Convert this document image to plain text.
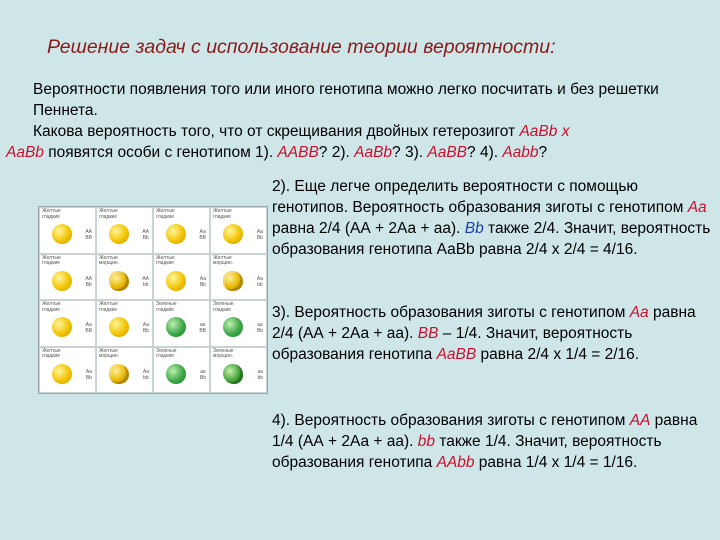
Решение задач с использование теории вероятности:

Вероятности появления того или иного генотипа можно легко посчитать и без решетки Пеннета.

Какова вероятность того, что от скрещивания двойных гетерозигот АаBb x
АаBb появятся особи с генотипом 1). ААBB? 2). АаBb? 3). АаBB? 4). Ааbb?

Желтые
гладкие
АА
BB
Желтые
гладкие
АА
Bb
Желтые
гладкие
Аа
BB
Желтые
гладкие
Аа
Bb
Желтые
гладкие
АА
Bb
Желтые
морщин.
АА
bb
Желтые
гладкие
Аа
Bb
Желтые
морщин.
Аа
bb
Желтые
гладкие
Аа
BB
Желтые
гладкие
Аа
Bb
Зеленые
гладкие
аа
BB
Зеленые
гладкие
аа
Bb
Желтые
гладкие
Аа
Bb
Желтые
морщин.
Аа
bb
Зеленые
гладкие
аа
Bb
Зеленые
морщин.
аа
bb
2). Еще легче определить вероятности с помощью генотипов. Вероятность образования зиготы с генотипом Аа равна 2/4 (АА + 2Аа + аа). Bb также 2/4. Значит, вероятность образования генотипа АаBb равна 2/4 х 2/4 = 4/16.
3). Вероятность образования зиготы с генотипом Аа равна 2/4 (АА + 2Аа + аа). BB – 1/4. Значит, вероятность образования генотипа АаBB равна 2/4 х 1/4 = 2/16.
4). Вероятность образования зиготы с генотипом АА равна 1/4 (АА + 2Аа + аа). bb также 1/4. Значит, вероятность образования генотипа ААbb равна 1/4 х 1/4 = 1/16.
